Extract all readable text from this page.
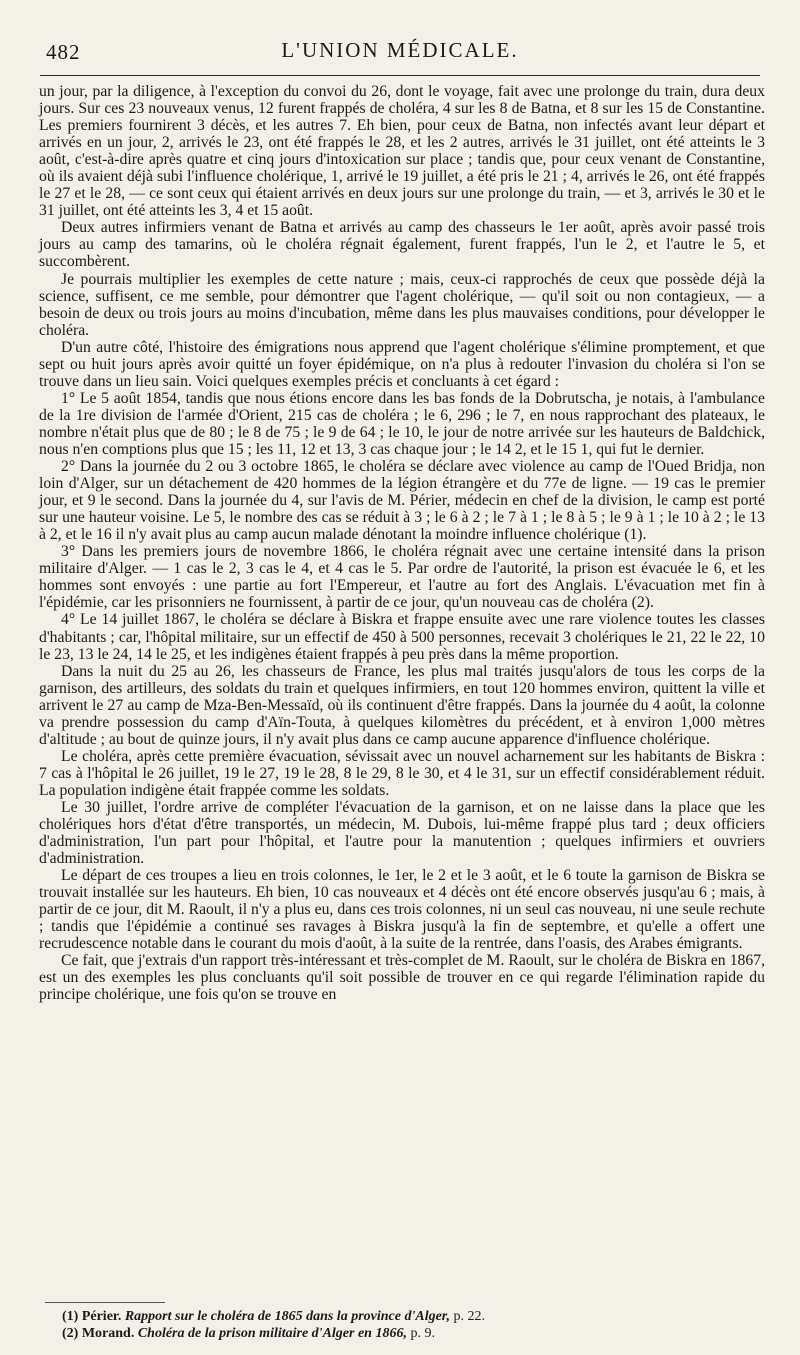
482	L'UNION MÉDICALE.

un jour, par la diligence, à l'exception du convoi du 26, dont le voyage, fait avec une prolonge du train, dura deux jours. Sur ces 23 nouveaux venus, 12 furent frappés de choléra, 4 sur les 8 de Batna, et 8 sur les 15 de Constantine. Les premiers fournirent 3 décès, et les autres 7. Eh bien, pour ceux de Batna, non infectés avant leur départ et arrivés en un jour, 2, arrivés le 23, ont été frappés le 28, et les 2 autres, arrivés le 31 juillet, ont été atteints le 3 août, c'est-à-dire après quatre et cinq jours d'intoxication sur place ; tandis que, pour ceux venant de Constantine, où ils avaient déjà subi l'influence cholérique, 1, arrivé le 19 juillet, a été pris le 21 ; 4, arrivés le 26, ont été frappés le 27 et le 28, — ce sont ceux qui étaient arrivés en deux jours sur une prolonge du train, — et 3, arrivés le 30 et le 31 juillet, ont été atteints les 3, 4 et 15 août.

Deux autres infirmiers venant de Batna et arrivés au camp des chasseurs le 1er août, après avoir passé trois jours au camp des tamarins, où le choléra régnait également, furent frappés, l'un le 2, et l'autre le 5, et succombèrent.

Je pourrais multiplier les exemples de cette nature ; mais, ceux-ci rapprochés de ceux que possède déjà la science, suffisent, ce me semble, pour démontrer que l'agent cholérique, — qu'il soit ou non contagieux, — a besoin de deux ou trois jours au moins d'incubation, même dans les plus mauvaises conditions, pour développer le choléra.

D'un autre côté, l'histoire des émigrations nous apprend que l'agent cholérique s'élimine promptement, et que sept ou huit jours après avoir quitté un foyer épidémique, on n'a plus à redouter l'invasion du choléra si l'on se trouve dans un lieu sain. Voici quelques exemples précis et concluants à cet égard :

1° Le 5 août 1854, tandis que nous étions encore dans les bas fonds de la Dobrutscha, je notais, à l'ambulance de la 1re division de l'armée d'Orient, 215 cas de choléra ; le 6, 296 ; le 7, en nous rapprochant des plateaux, le nombre n'était plus que de 80 ; le 8 de 75 ; le 9 de 64 ; le 10, le jour de notre arrivée sur les hauteurs de Baldchick, nous n'en comptions plus que 15 ; les 11, 12 et 13, 3 cas chaque jour ; le 14 2, et le 15 1, qui fut le dernier.

2° Dans la journée du 2 ou 3 octobre 1865, le choléra se déclare avec violence au camp de l'Oued Bridja, non loin d'Alger, sur un détachement de 420 hommes de la légion étrangère et du 77e de ligne. — 19 cas le premier jour, et 9 le second. Dans la journée du 4, sur l'avis de M. Périer, médecin en chef de la division, le camp est porté sur une hauteur voisine. Le 5, le nombre des cas se réduit à 3 ; le 6 à 2 ; le 7 à 1 ; le 8 à 5 ; le 9 à 1 ; le 10 à 2 ; le 13 à 2, et le 16 il n'y avait plus au camp aucun malade dénotant la moindre influence cholérique (1).

3° Dans les premiers jours de novembre 1866, le choléra régnait avec une certaine intensité dans la prison militaire d'Alger. — 1 cas le 2, 3 cas le 4, et 4 cas le 5. Par ordre de l'autorité, la prison est évacuée le 6, et les hommes sont envoyés : une partie au fort l'Empereur, et l'autre au fort des Anglais. L'évacuation met fin à l'épidémie, car les prisonniers ne fournissent, à partir de ce jour, qu'un nouveau cas de choléra (2).

4° Le 14 juillet 1867, le choléra se déclare à Biskra et frappe ensuite avec une rare violence toutes les classes d'habitants ; car, l'hôpital militaire, sur un effectif de 450 à 500 personnes, recevait 3 cholériques le 21, 22 le 22, 10 le 23, 13 le 24, 14 le 25, et les indigènes étaient frappés à peu près dans la même proportion.

Dans la nuit du 25 au 26, les chasseurs de France, les plus mal traités jusqu'alors de tous les corps de la garnison, des artilleurs, des soldats du train et quelques infirmiers, en tout 120 hommes environ, quittent la ville et arrivent le 27 au camp de Mza-Ben-Messaïd, où ils continuent d'être frappés. Dans la journée du 4 août, la colonne va prendre possession du camp d'Aïn-Touta, à quelques kilomètres du précédent, et à environ 1,000 mètres d'altitude ; au bout de quinze jours, il n'y avait plus dans ce camp aucune apparence d'influence cholérique.

Le choléra, après cette première évacuation, sévissait avec un nouvel acharnement sur les habitants de Biskra : 7 cas à l'hôpital le 26 juillet, 19 le 27, 19 le 28, 8 le 29, 8 le 30, et 4 le 31, sur un effectif considérablement réduit. La population indigène était frappée comme les soldats.

Le 30 juillet, l'ordre arrive de compléter l'évacuation de la garnison, et on ne laisse dans la place que les cholériques hors d'état d'être transportés, un médecin, M. Dubois, lui-même frappé plus tard ; deux officiers d'administration, l'un part pour l'hôpital, et l'autre pour la manutention ; quelques infirmiers et ouvriers d'administration.

Le départ de ces troupes a lieu en trois colonnes, le 1er, le 2 et le 3 août, et le 6 toute la garnison de Biskra se trouvait installée sur les hauteurs. Eh bien, 10 cas nouveaux et 4 décès ont été encore observés jusqu'au 6 ; mais, à partir de ce jour, dit M. Raoult, il n'y a plus eu, dans ces trois colonnes, ni un seul cas nouveau, ni une seule rechute ; tandis que l'épidémie a continué ses ravages à Biskra jusqu'à la fin de septembre, et qu'elle a offert une recrudescence notable dans le courant du mois d'août, à la suite de la rentrée, dans l'oasis, des Arabes émigrants.

Ce fait, que j'extrais d'un rapport très-intéressant et très-complet de M. Raoult, sur le choléra de Biskra en 1867, est un des exemples les plus concluants qu'il soit possible de trouver en ce qui regarde l'élimination rapide du principe cholérique, une fois qu'on se trouve en

(1) Périer. Rapport sur le choléra de 1865 dans la province d'Alger, p. 22.
(2) Morand. Choléra de la prison militaire d'Alger en 1866, p. 9.
